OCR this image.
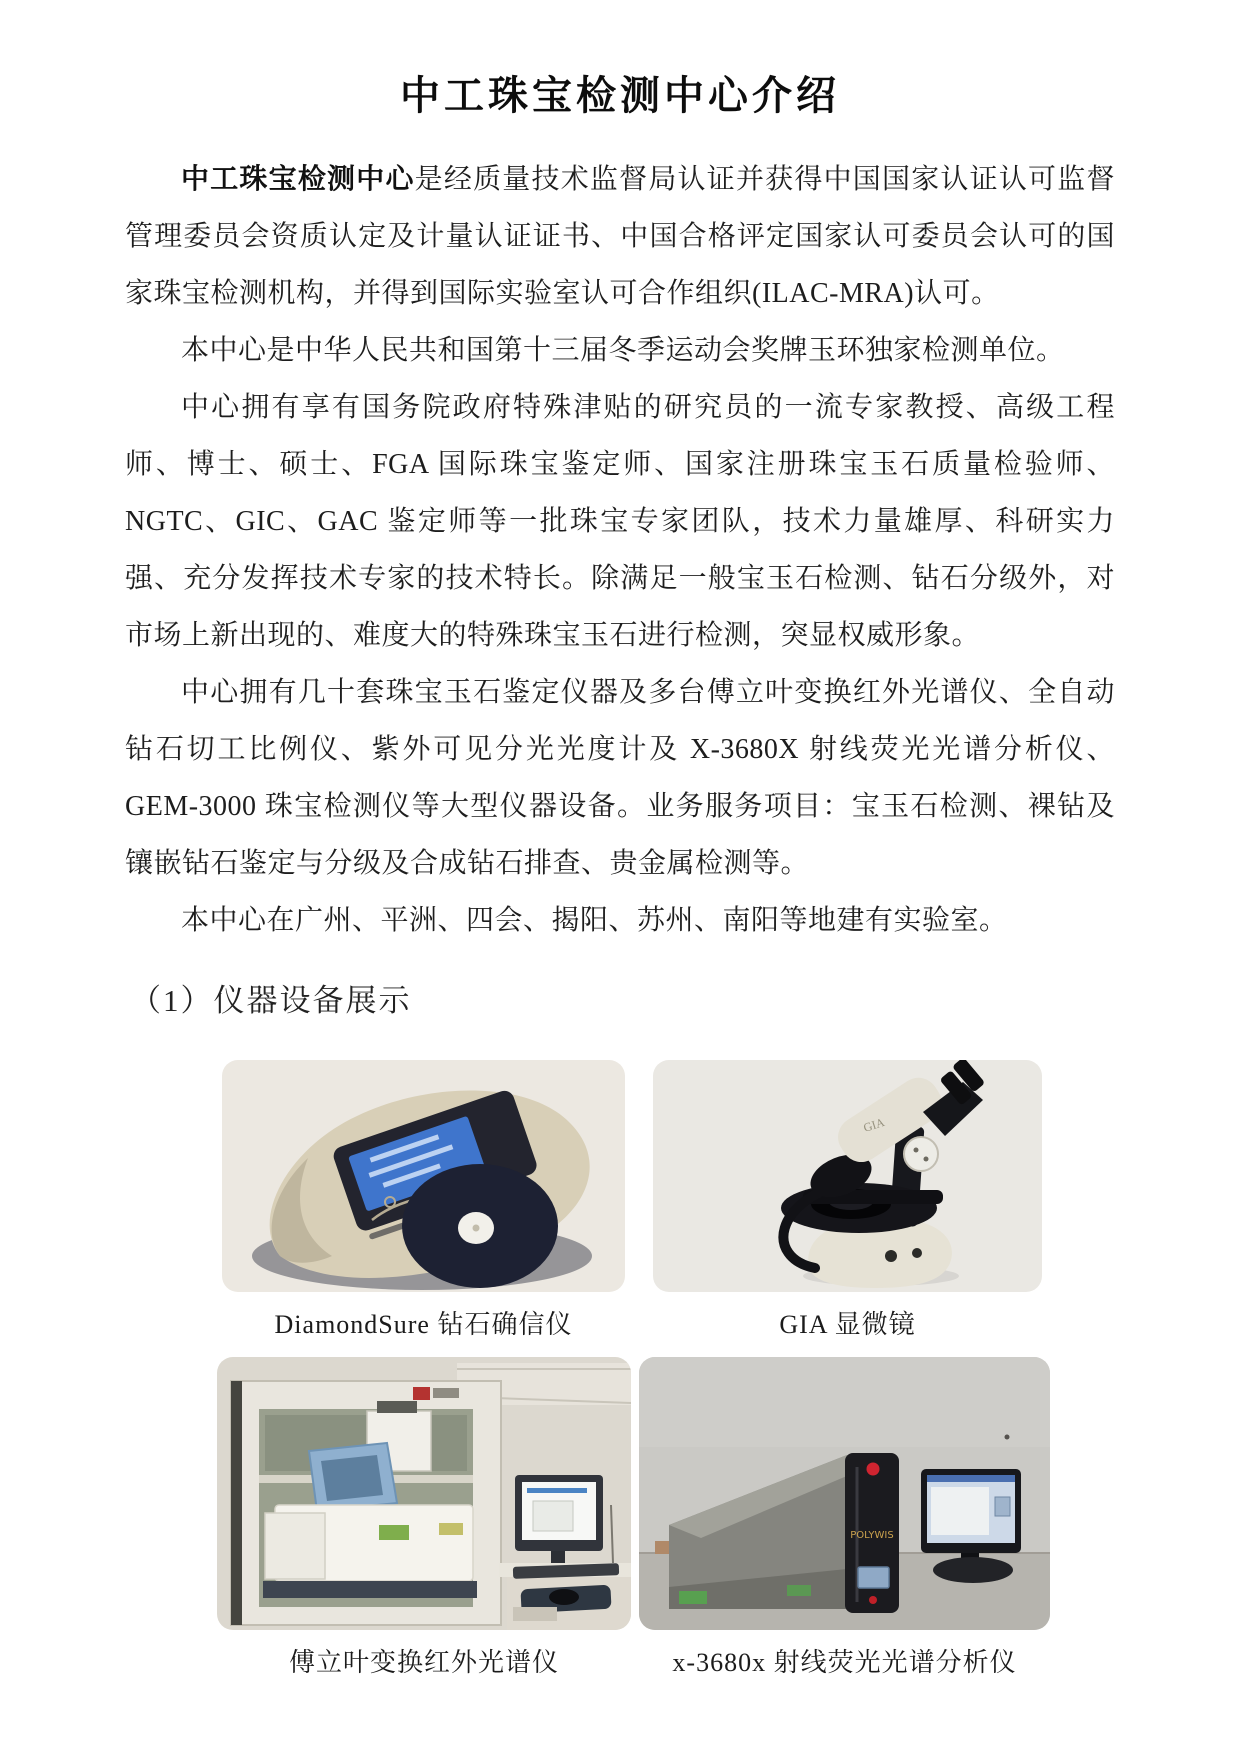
中工珠宝检测中心介绍

中工珠宝检测中心是经质量技术监督局认证并获得中国国家认证认可监督管理委员会资质认定及计量认证证书、中国合格评定国家认可委员会认可的国家珠宝检测机构，并得到国际实验室认可合作组织(ILAC-MRA)认可。

本中心是中华人民共和国第十三届冬季运动会奖牌玉环独家检测单位。

中心拥有享有国务院政府特殊津贴的研究员的一流专家教授、高级工程师、博士、硕士、FGA 国际珠宝鉴定师、国家注册珠宝玉石质量检验师、NGTC、GIC、GAC 鉴定师等一批珠宝专家团队，技术力量雄厚、科研实力强、充分发挥技术专家的技术特长。除满足一般宝玉石检测、钻石分级外，对市场上新出现的、难度大的特殊珠宝玉石进行检测，突显权威形象。

中心拥有几十套珠宝玉石鉴定仪器及多台傅立叶变换红外光谱仪、全自动钻石切工比例仪、紫外可见分光光度计及 X-3680X 射线荧光光谱分析仪、GEM-3000 珠宝检测仪等大型仪器设备。业务服务项目：宝玉石检测、裸钻及镶嵌钻石鉴定与分级及合成钻石排查、贵金属检测等。

本中心在广州、平洲、四会、揭阳、苏州、南阳等地建有实验室。

（1）仪器设备展示
DiamondSure 钻石确信仪
GIA
GIA 显微镜
傅立叶变换红外光谱仪
POLYWIS
x-3680x 射线荧光光谱分析仪
